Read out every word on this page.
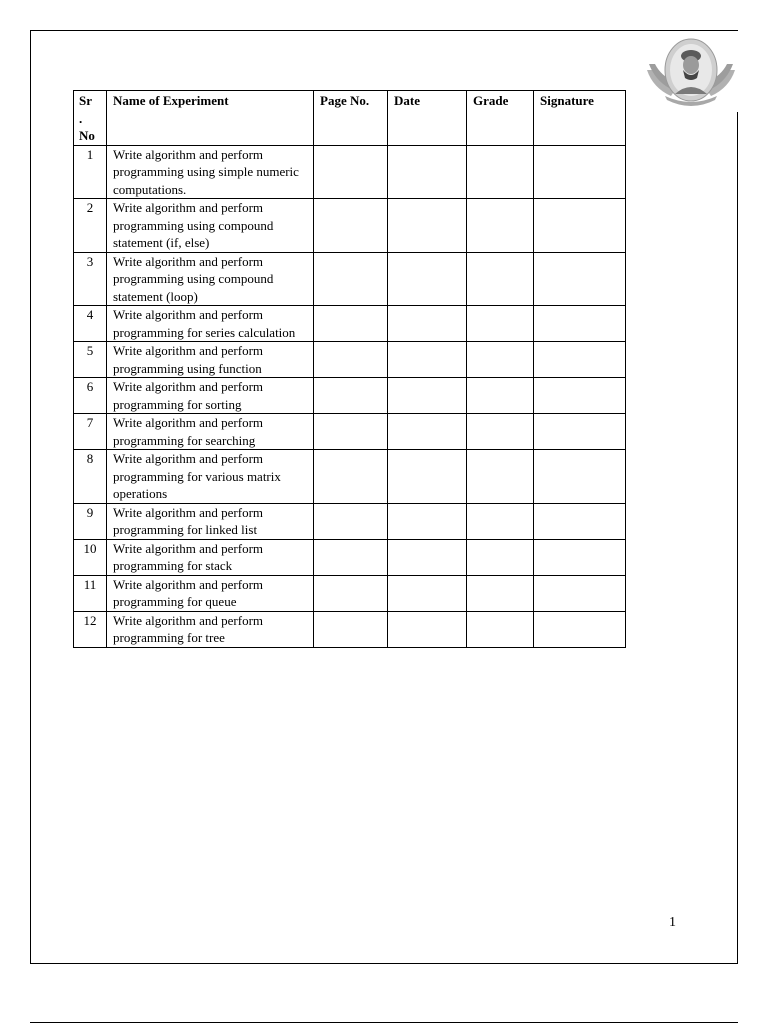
Sr
.
No	Name of Experiment	Page No.	Date	Grade	Signature
1	Write algorithm and perform programming using simple numeric computations.				
2	Write algorithm and perform programming using compound statement (if, else)				
3	Write algorithm and perform programming using compound statement (loop)				
4	Write algorithm and perform programming for series calculation				
5	Write algorithm and perform programming using function				
6	Write algorithm and perform programming for sorting				
7	Write algorithm and perform programming for searching				
8	Write algorithm and perform programming for various matrix operations				
9	Write algorithm and perform programming for linked list				
10	Write algorithm and perform programming for stack				
11	Write algorithm and perform programming for queue				
12	Write algorithm and perform programming for tree				
1
